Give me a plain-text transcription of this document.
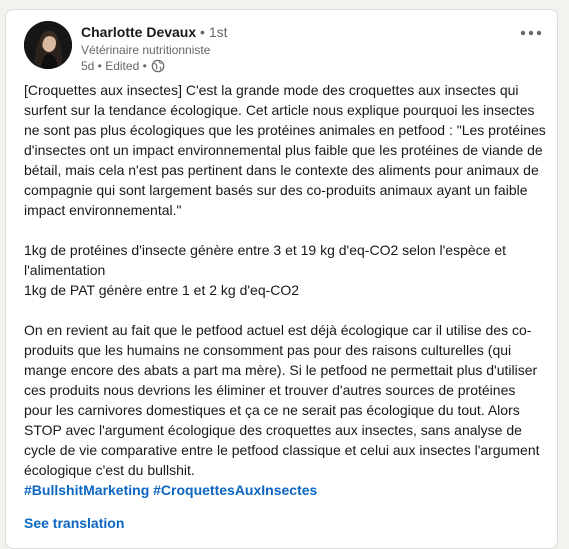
Charlotte Devaux • 1st
Vétérinaire nutritionniste
5d • Edited •

[Croquettes aux insectes] C'est la grande mode des croquettes aux insectes qui surfent sur la tendance écologique. Cet article nous explique pourquoi les insectes ne sont pas plus écologiques que les protéines animales en petfood : "Les protéines d'insectes ont un impact environnemental plus faible que les protéines de viande de bétail, mais cela n'est pas pertinent dans le contexte des aliments pour animaux de compagnie qui sont largement basés sur des co-produits animaux ayant un faible impact environnemental."

1kg de protéines d'insecte génère entre 3 et 19 kg d'eq-CO2 selon l'espèce et l'alimentation

1kg de PAT génère entre 1 et 2 kg d'eq-CO2

On en revient au fait que le petfood actuel est déjà écologique car il utilise des co-produits que les humains ne consomment pas pour des raisons culturelles (qui mange encore des abats a part ma mère). Si le petfood ne permettait plus d'utiliser ces produits nous devrions les éliminer et trouver d'autres sources de protéines pour les carnivores domestiques et ça ce ne serait pas écologique du tout. Alors STOP avec l'argument écologique des croquettes aux insectes, sans analyse de cycle de vie comparative entre le petfood classique et celui aux insectes l'argument écologique c'est du bullshit.

#BullshitMarketing #CroquettesAuxInsectes

See translation
